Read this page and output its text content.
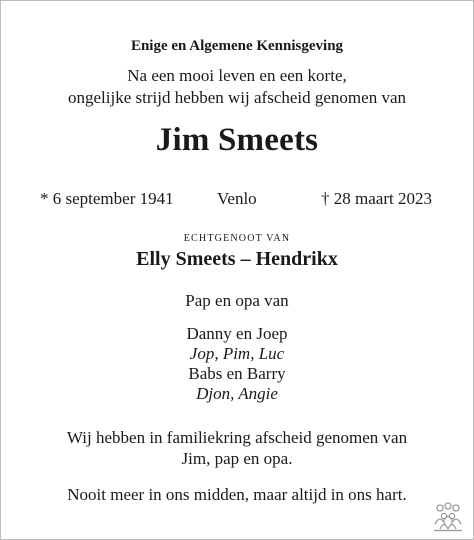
Enige en Algemene Kennisgeving
Na een mooi leven en een korte,
ongelijke strijd hebben wij afscheid genomen van
Jim Smeets
* 6 september 1941	Venlo	† 28 maart 2023
ECHTGENOOT VAN
Elly Smeets – Hendrikx
Pap en opa van
Danny en Joep
Jop, Pim, Luc
Babs en Barry
Djon, Angie
Wij hebben in familiekring afscheid genomen van
Jim, pap en opa.
Nooit meer in ons midden, maar altijd in ons hart.
